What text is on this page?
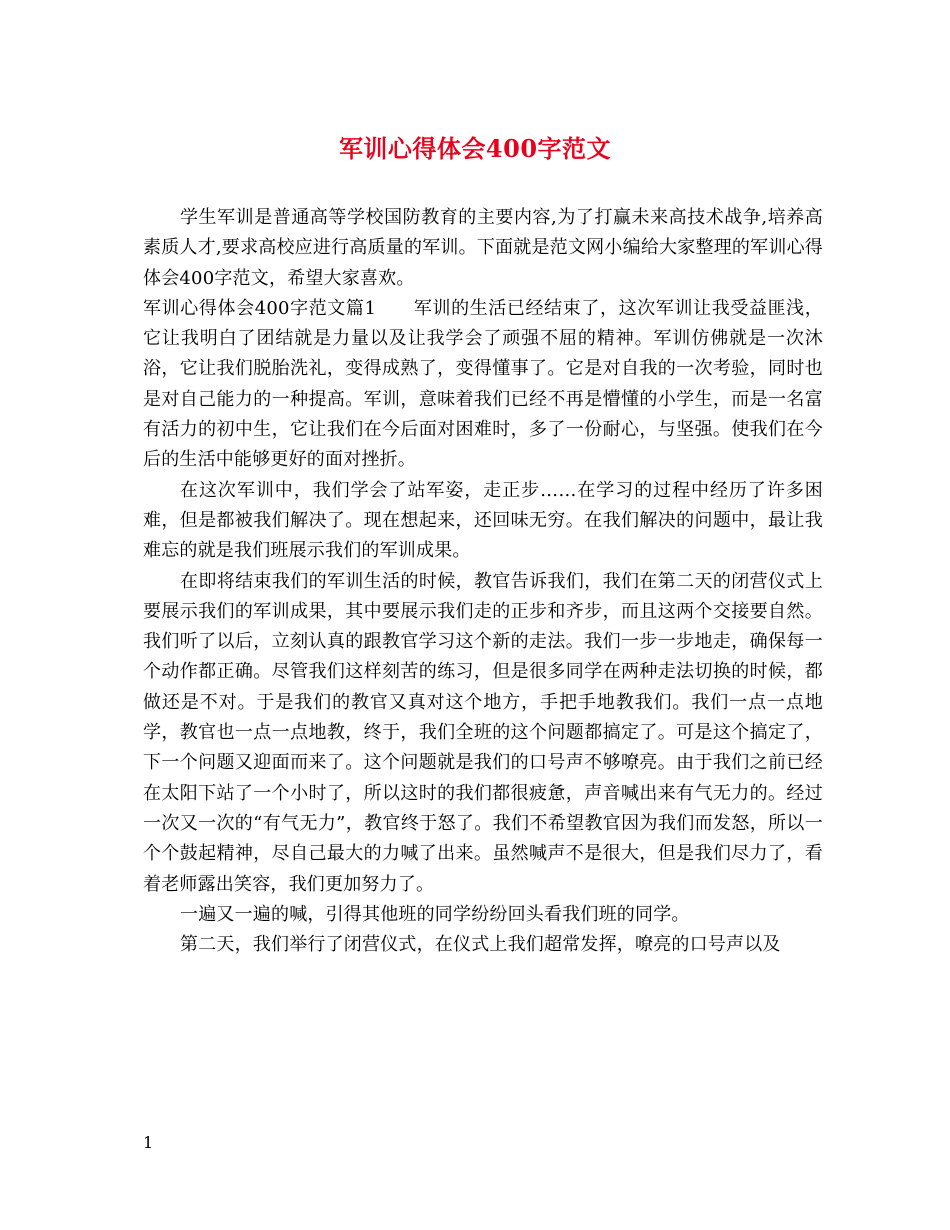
军训心得体会400字范文

学生军训是普通高等学校国防教育的主要内容,为了打赢未来高技术战争,培养高素质人才,要求高校应进行高质量的军训。下面就是范文网小编给大家整理的军训心得体会400字范文，希望大家喜欢。

军训心得体会400字范文篇1　　军训的生活已经结束了，这次军训让我受益匪浅，它让我明白了团结就是力量以及让我学会了顽强不屈的精神。军训仿佛就是一次沐浴，它让我们脱胎洗礼，变得成熟了，变得懂事了。它是对自我的一次考验，同时也是对自己能力的一种提高。军训，意味着我们已经不再是懵懂的小学生，而是一名富有活力的初中生，它让我们在今后面对困难时，多了一份耐心，与坚强。使我们在今后的生活中能够更好的面对挫折。

在这次军训中，我们学会了站军姿，走正步……在学习的过程中经历了许多困难，但是都被我们解决了。现在想起来，还回味无穷。在我们解决的问题中，最让我难忘的就是我们班展示我们的军训成果。

在即将结束我们的军训生活的时候，教官告诉我们，我们在第二天的闭营仪式上要展示我们的军训成果，其中要展示我们走的正步和齐步，而且这两个交接要自然。我们听了以后，立刻认真的跟教官学习这个新的走法。我们一步一步地走，确保每一个动作都正确。尽管我们这样刻苦的练习，但是很多同学在两种走法切换的时候，都做还是不对。于是我们的教官又真对这个地方，手把手地教我们。我们一点一点地学，教官也一点一点地教，终于，我们全班的这个问题都搞定了。可是这个搞定了，下一个问题又迎面而来了。这个问题就是我们的口号声不够嘹亮。由于我们之前已经在太阳下站了一个小时了，所以这时的我们都很疲惫，声音喊出来有气无力的。经过一次又一次的“有气无力”，教官终于怒了。我们不希望教官因为我们而发怒，所以一个个鼓起精神，尽自己最大的力喊了出来。虽然喊声不是很大，但是我们尽力了，看着老师露出笑容，我们更加努力了。

一遍又一遍的喊，引得其他班的同学纷纷回头看我们班的同学。

第二天，我们举行了闭营仪式，在仪式上我们超常发挥，嘹亮的口号声以及

1
